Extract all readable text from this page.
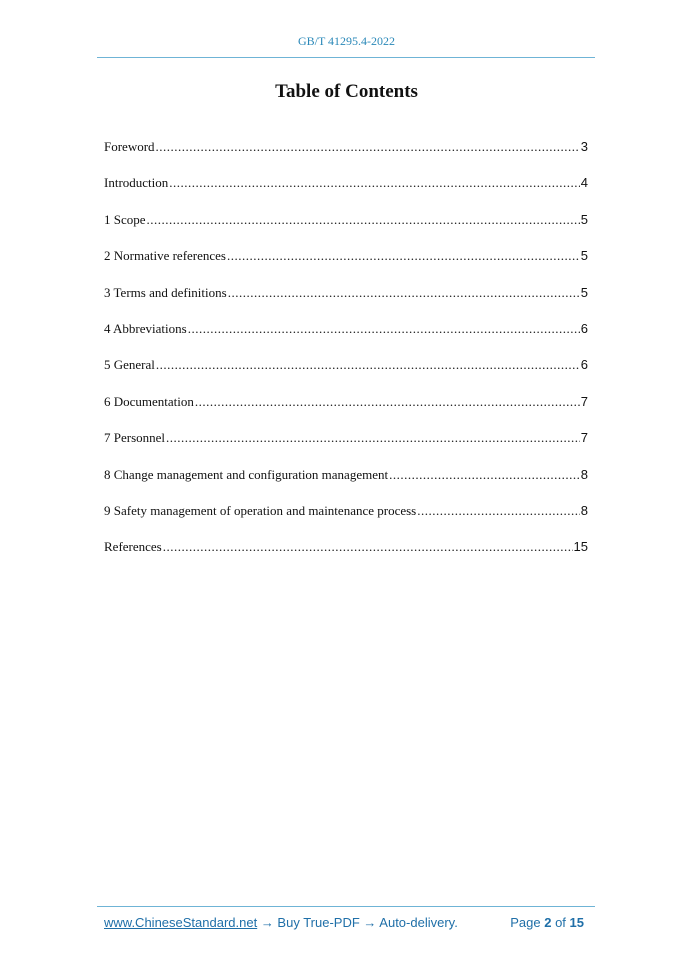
GB/T 41295.4-2022
Table of Contents
Foreword .....	3
Introduction .....	4
1 Scope .....	5
2 Normative references .....	5
3 Terms and definitions .....	5
4 Abbreviations .....	6
5 General .....	6
6 Documentation .....	7
7 Personnel .....	7
8 Change management and configuration management .....	8
9 Safety management of operation and maintenance process .....	8
References .....	15
www.ChineseStandard.net → Buy True-PDF → Auto-delivery.	Page 2 of 15
